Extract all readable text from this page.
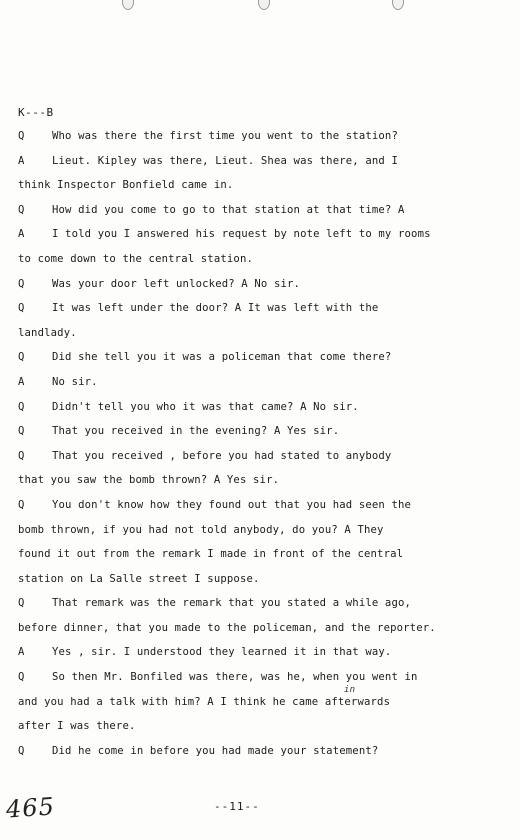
K---B
Q	Who was there the first time you went to the station?
A	Lieut. Kipley was there, Lieut. Shea was there, and I
think Inspector Bonfield came in.
Q	How did you come to go to that station at that time? A
A	I told you I answered his request by note left to my rooms
to come down to the central station.
Q	Was your door left unlocked? A No sir.
Q	It was left under the door? A It was left with the
landlady.
Q	Did she tell you it was a policeman that come there?
A	No sir.
Q	Didn't tell you who it was that came? A No sir.
Q	That you received in the evening? A Yes sir.
Q	That you received , before you had stated to anybody
that you saw the bomb thrown? A Yes sir.
Q	You don't know how they found out that you had seen the
bomb thrown, if you had not told anybody, do you? A They
found it out from the remark I made in front of the central
station on La Salle street I suppose.
Q	That remark was the remark that you stated a while ago,
before dinner, that you made to the policeman, and the reporter.
A	Yes , sir. I understood they learned it in that way.
Q	So then Mr. Bonfiled was there, was he, when you went in
and you had a talk with him? A I think he came afterwards
in
after I was there.
Q	Did he come in before you had made your statement?
465	--11--
